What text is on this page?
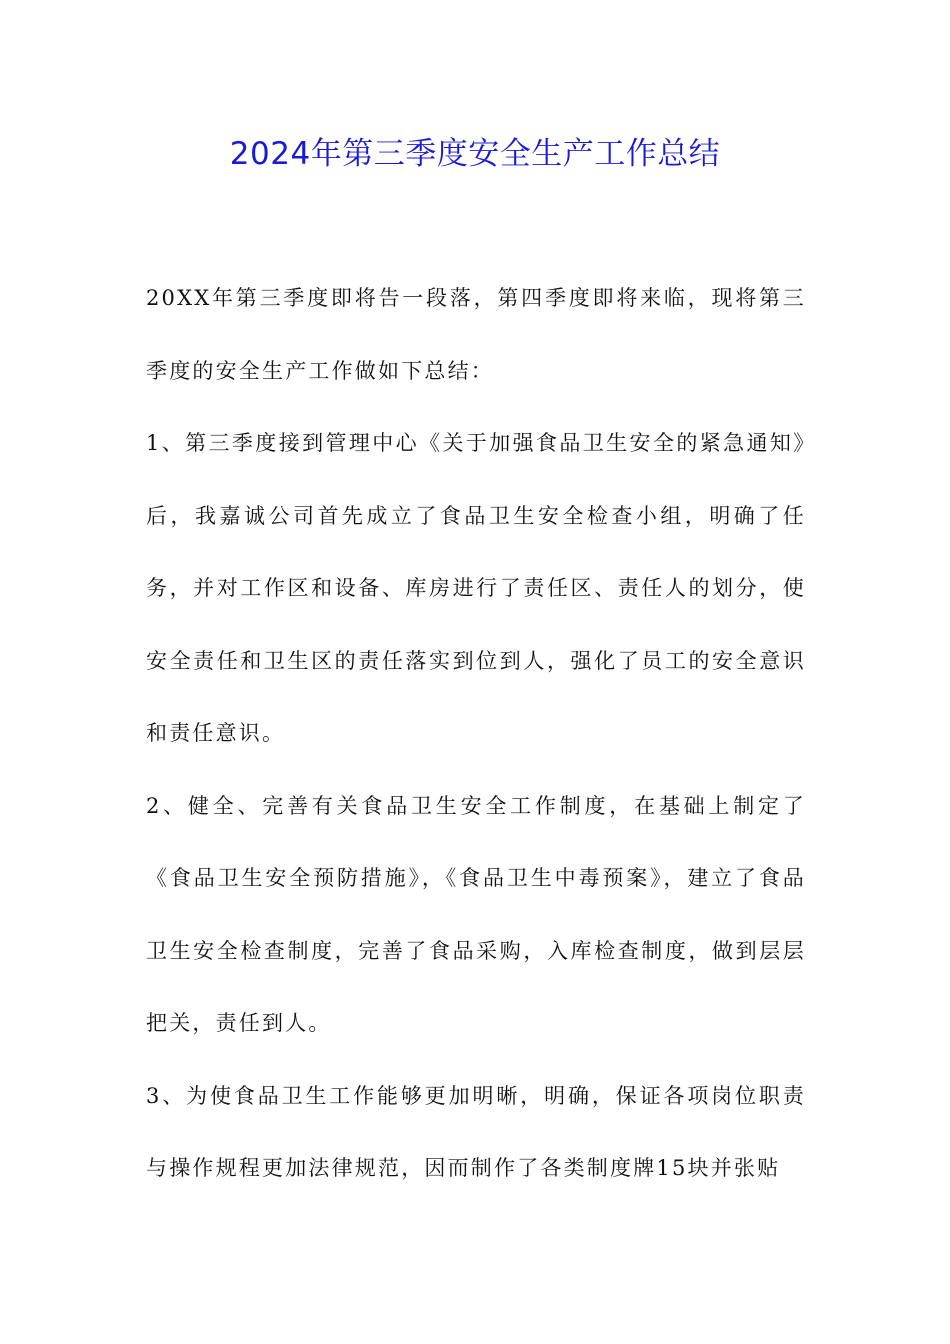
2024年第三季度安全生产工作总结

20XX年第三季度即将告一段落，第四季度即将来临，现将第三季度的安全生产工作做如下总结：

1、第三季度接到管理中心《关于加强食品卫生安全的紧急通知》后，我嘉诚公司首先成立了食品卫生安全检查小组，明确了任务，并对工作区和设备、库房进行了责任区、责任人的划分，使安全责任和卫生区的责任落实到位到人，强化了员工的安全意识和责任意识。

2、健全、完善有关食品卫生安全工作制度，在基础上制定了《食品卫生安全预防措施》，《食品卫生中毒预案》，建立了食品卫生安全检查制度，完善了食品采购，入库检查制度，做到层层把关，责任到人。

3、为使食品卫生工作能够更加明晰，明确，保证各项岗位职责与操作规程更加法律规范，因而制作了各类制度牌15块并张贴
